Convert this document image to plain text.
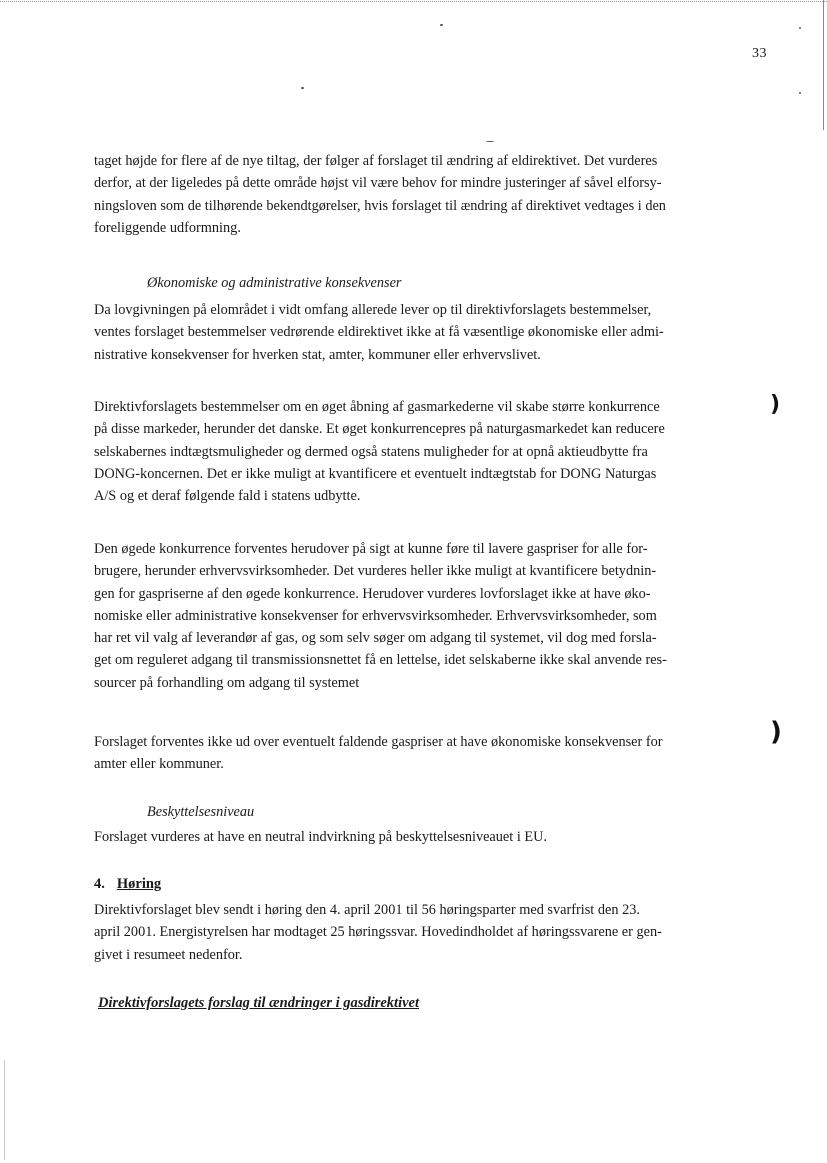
33

taget højde for flere af de nye tiltag, der følger af forslaget til ændring af eldirektivet. Det vurderes
derfor, at der ligeledes på dette område højst vil være behov for mindre justeringer af såvel elforsy-
ningsloven som de tilhørende bekendtgørelser, hvis forslaget til ændring af direktivet vedtages i den
foreliggende udformning.

Økonomiske og administrative konsekvenser

Da lovgivningen på elområdet i vidt omfang allerede lever op til direktivforslagets bestemmelser,
ventes forslaget bestemmelser vedrørende eldirektivet ikke at få væsentlige økonomiske eller admi-
nistrative konsekvenser for hverken stat, amter, kommuner eller erhvervslivet.

Direktivforslagets bestemmelser om en øget åbning af gasmarkederne vil skabe større konkurrence
på disse markeder, herunder det danske. Et øget konkurrencepres på naturgasmarkedet kan reducere
selskabernes indtægtsmuligheder og dermed også statens muligheder for at opnå aktieudbytte fra
DONG-koncernen. Det er ikke muligt at kvantificere et eventuelt indtægtstab for DONG Naturgas
A/S og et deraf følgende fald i statens udbytte.

Den øgede konkurrence forventes herudover på sigt at kunne føre til lavere gaspriser for alle for-
brugere, herunder erhvervsvirksomheder. Det vurderes heller ikke muligt at kvantificere betydnin-
gen for gaspriserne af den øgede konkurrence. Herudover vurderes lovforslaget ikke at have øko-
nomiske eller administrative konsekvenser for erhvervsvirksomheder. Erhvervsvirksomheder, som
har ret vil valg af leverandør af gas, og som selv søger om adgang til systemet, vil dog med forsla-
get om reguleret adgang til transmissionsnettet få en lettelse, idet selskaberne ikke skal anvende res-
sourcer på forhandling om adgang til systemet

Forslaget forventes ikke ud over eventuelt faldende gaspriser at have økonomiske konsekvenser for
amter eller kommuner.

Beskyttelsesniveau

Forslaget vurderes at have en neutral indvirkning på beskyttelsesniveauet i EU.

4. Høring

Direktivforslaget blev sendt i høring den 4. april 2001 til 56 høringsparter med svarfrist den 23.
april 2001. Energistyrelsen har modtaget 25 høringssvar. Hovedindholdet af høringssvarene er gen-
givet i resumeet nedenfor.

Direktivforslagets forslag til ændringer i gasdirektivet

)
)
